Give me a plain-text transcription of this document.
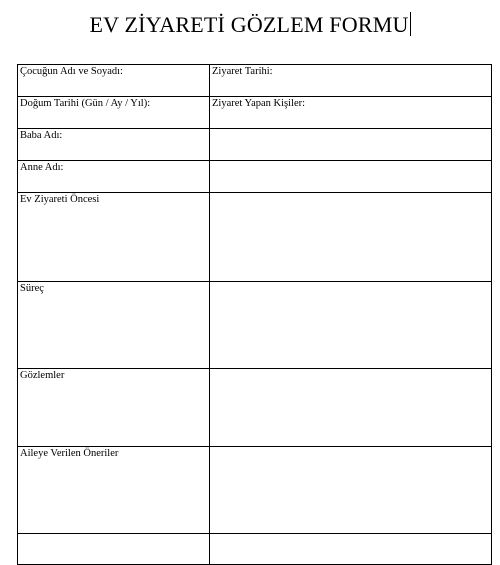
EV ZİYARETİ GÖZLEM FORMU
Çocuğun Adı ve Soyadı:	Ziyaret Tarihi:
Doğum Tarihi (Gün / Ay / Yıl):	Ziyaret Yapan Kişiler:
Baba Adı:	
Anne Adı:	
Ev Ziyareti Öncesi	
Süreç	
Gözlemler	
Aileye Verilen Öneriler	
